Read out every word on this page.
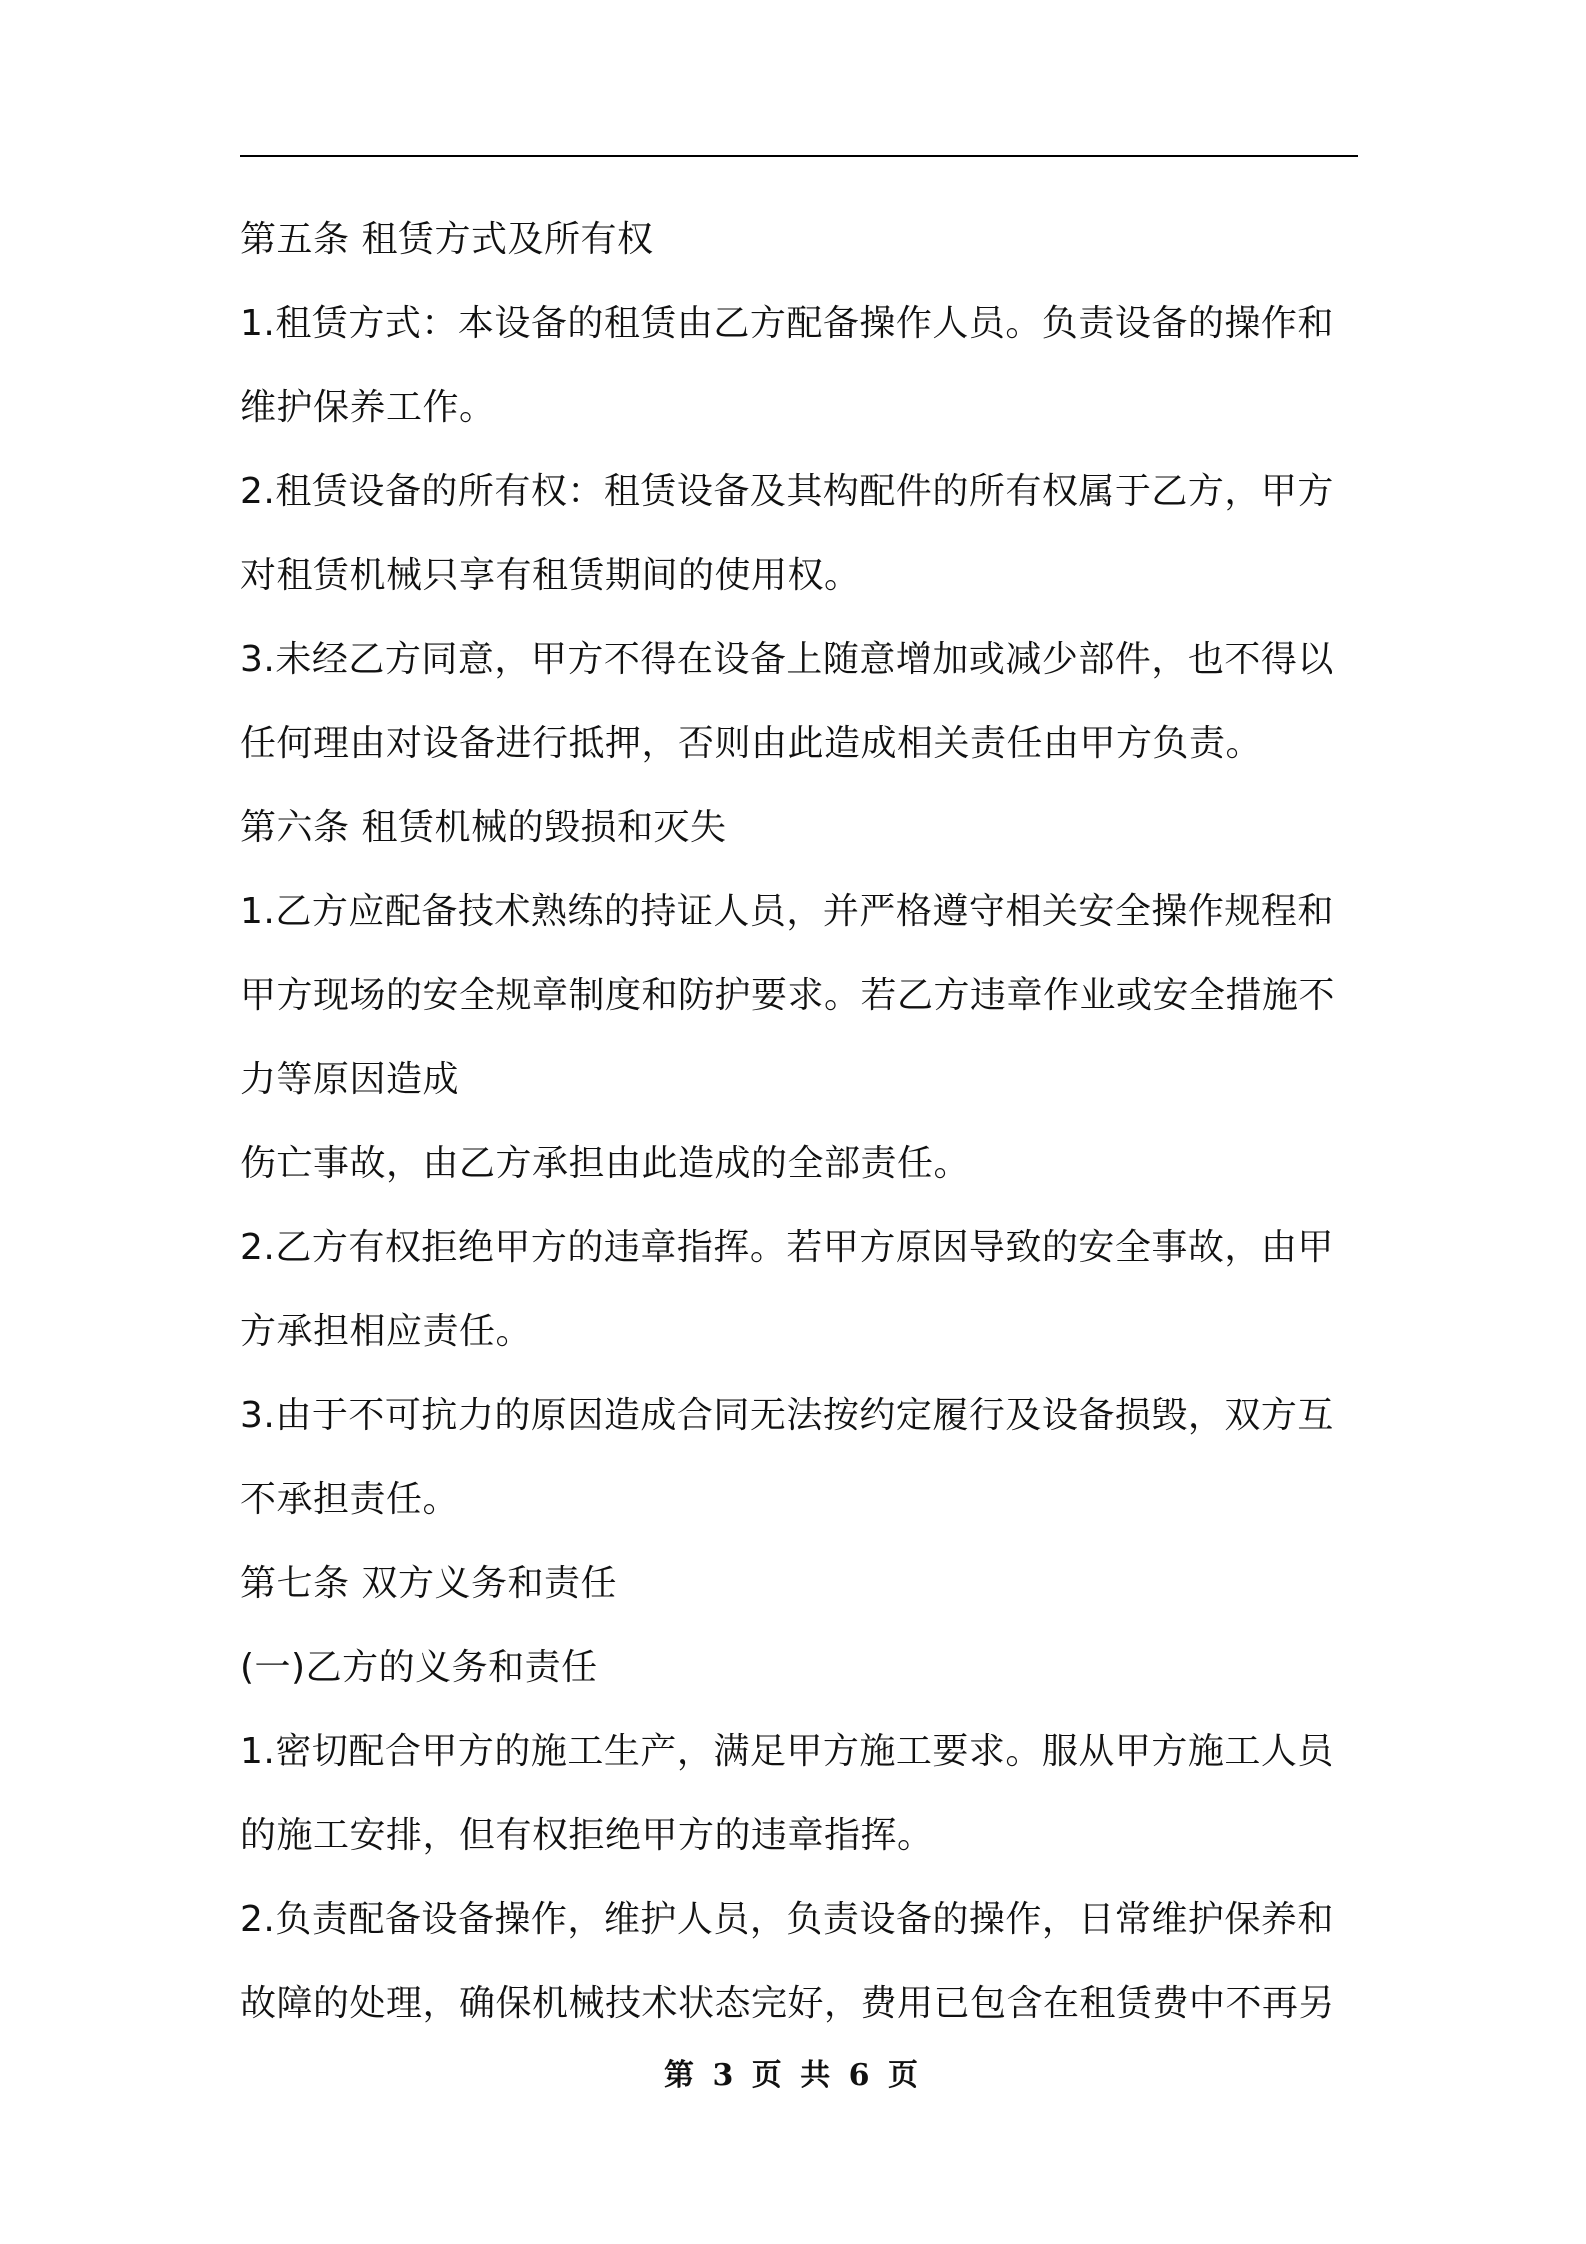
第五条 租赁方式及所有权
1.租赁方式：本设备的租赁由乙方配备操作人员。负责设备的操作和
维护保养工作。
2.租赁设备的所有权：租赁设备及其构配件的所有权属于乙方，甲方
对租赁机械只享有租赁期间的使用权。
3.未经乙方同意，甲方不得在设备上随意增加或减少部件，也不得以
任何理由对设备进行抵押，否则由此造成相关责任由甲方负责。
第六条 租赁机械的毁损和灭失
1.乙方应配备技术熟练的持证人员，并严格遵守相关安全操作规程和
甲方现场的安全规章制度和防护要求。若乙方违章作业或安全措施不
力等原因造成
伤亡事故，由乙方承担由此造成的全部责任。
2.乙方有权拒绝甲方的违章指挥。若甲方原因导致的安全事故，由甲
方承担相应责任。
3.由于不可抗力的原因造成合同无法按约定履行及设备损毁，双方互
不承担责任。
第七条 双方义务和责任
(一)乙方的义务和责任
1.密切配合甲方的施工生产，满足甲方施工要求。服从甲方施工人员
的施工安排，但有权拒绝甲方的违章指挥。
2.负责配备设备操作，维护人员，负责设备的操作，日常维护保养和
故障的处理，确保机械技术状态完好，费用已包含在租赁费中不再另
第 3 页 共 6 页
